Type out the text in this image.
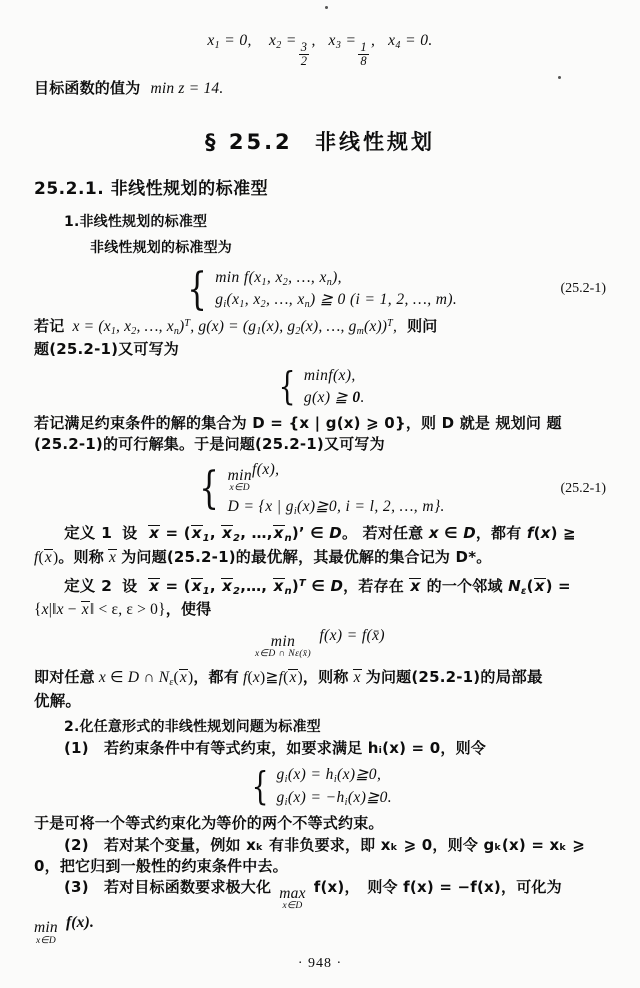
$x_1 = 0$, $x_2$ =
$\frac{3}{2}$
,   $x_3$ =
$\frac{1}{8}$
,   $x_4 = 0$.
目标函数的值为 min z = 14.
§ 25.2 非线性规划
25.2.1. 非线性规划的标准型
1.非线性规划的标准型
非线性规划的标准型为
{ $\min f(x_1$, $x_2$, …, $x_n$),
$g_i(x_1$, $x_2$, …, $x_n$) ≧ 0 (i = 1, 2, …, m).
(25.2-1)
若记 $x = (x_1$, $x_2$, …, $x_n)^T$, $g(x) = (g_1(x)$, $g_2(x)$, …, $g_m(x))^T$, 则问
题(25.2-1)又可写为
{ minf(x),
g(x) ≧ 0.
若记满足约束条件的解的集合为 D = {x | g(x) ⩾ 0}，则 D 就是 规划问 题
(25.2-1)的可行解集。于是问题(25.2-1)又可写为
{ min
x∈D
f(x),
D = {x | $g_i(x)≧0$, i = l, 2, …, m}.
(25.2-1)
定义 1 设  $x = (x_1$, $x_2$, $\dots,x_n$)’ ∈ D。 若对任意 x ∈ D，都有 f(x) ≧
f(x)。则称 x 为问题(25.2-1)的最优解，其最优解的集合记为 D*。
定义 2 设  $x = (x_1$, $x_2,\dots$, $x_n)^T$ ∈ D，若存在 x 的一个邻域 $N_\varepsilon(x)$ =
{x|‖x − x‖ < ε, ε > 0}，使得
min
x∈D ∩ Nε(x̄)
f(x) = f(x̄)
即对任意 x ∈ D ∩ $N_\varepsilon(x)$，都有 f(x)≧f(x)，则称 x 为问题(25.2-1)的局部最
优解。
2.化任意形式的非线性规划问题为标准型
(1)　若约束条件中有等式约束，如要求满足 hᵢ(x) = 0，则令
{ $g_i(x)$ = $h_i(x)≧0$,
$g_i(x)$ = $-h_i(x)≧0$.
于是可将一个等式约束化为等价的两个不等式约束。
(2)　若对某个变量，例如 xₖ 有非负要求，即 xₖ ⩾ 0，则令 gₖ(x) = xₖ ⩾
0，把它归到一般性的约束条件中去。
(3)　若对目标函数要求极大化 max
x∈D
f(x)，　则令 f(x) = −f(x)，可化为
min
x∈D
f(x).
· 948 ·
